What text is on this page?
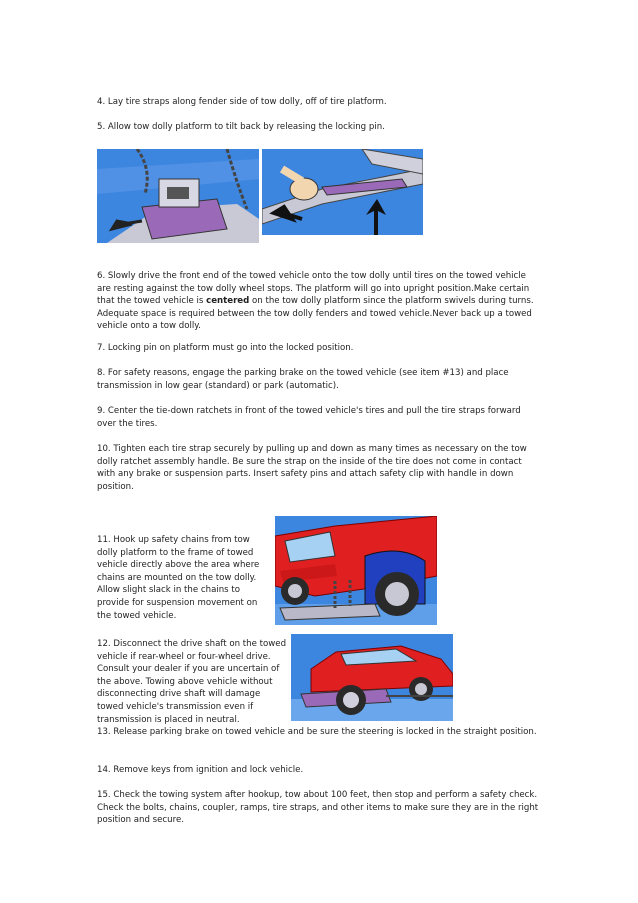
4. Lay tire straps along fender side of tow dolly, off of tire platform.

5. Allow tow dolly platform to tilt back by releasing the locking pin.

6. Slowly drive the front end of the towed vehicle onto the tow dolly until tires on the towed vehicle are resting against the tow dolly wheel stops. The platform will go into upright position.Make certain that the towed vehicle is centered on the tow dolly platform since the platform swivels during turns. Adequate space is required between the tow dolly fenders and towed vehicle.Never back up a towed vehicle onto a tow dolly.

7. Locking pin on platform must go into the locked position.

8. For safety reasons, engage the parking brake on the towed vehicle (see item #13) and place transmission in low gear (standard) or park (automatic).

9. Center the tie-down ratchets in front of the towed vehicle's tires and pull the tire straps forward over the tires.

10. Tighten each tire strap securely by pulling up and down as many times as necessary on the tow dolly ratchet assembly handle. Be sure the strap on the inside of the tire does not come in contact with any brake or suspension parts. Insert safety pins and attach safety clip with handle in down position.

11. Hook up safety chains from tow dolly platform to the frame of towed vehicle directly above the area where chains are mounted on the tow dolly. Allow slight slack in the chains to provide for suspension movement on the towed vehicle.

12. Disconnect the drive shaft on the towed vehicle if rear-wheel or four-wheel drive. Consult your dealer if you are uncertain of the above. Towing above vehicle without disconnecting drive shaft will damage towed vehicle's transmission even if transmission is placed in neutral.

13. Release parking brake on towed vehicle and be sure the steering is locked in the straight position.

14. Remove keys from ignition and lock vehicle.

15. Check the towing system after hookup, tow about 100 feet, then stop and perform a safety check. Check the bolts, chains, coupler, ramps, tire straps, and other items to make sure they are in the right position and secure.
